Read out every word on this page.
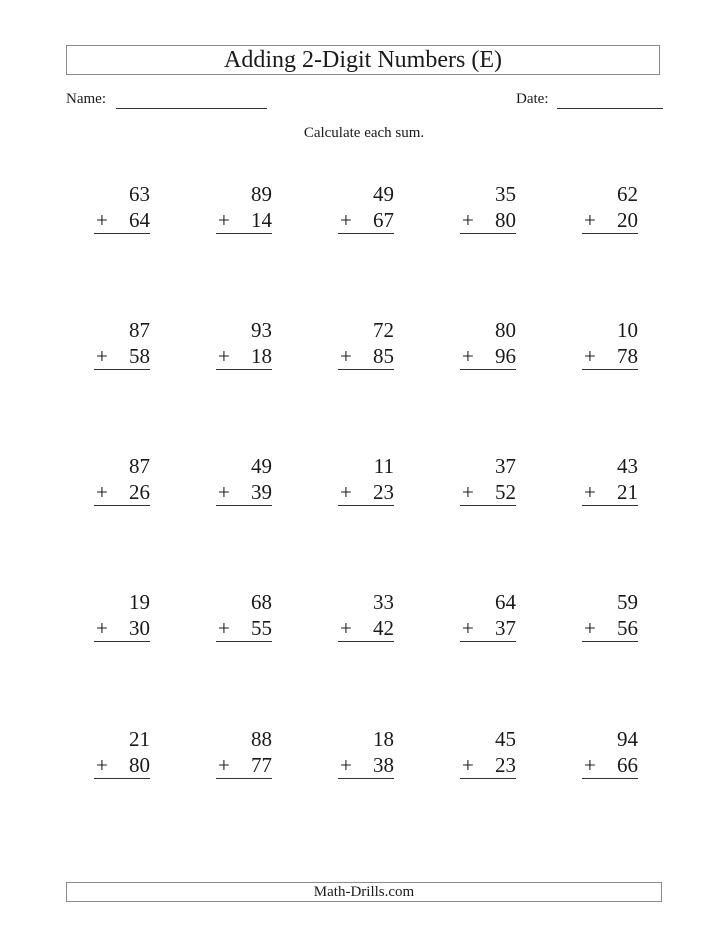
Adding 2-Digit Numbers (E)
Name:	Date:
Calculate each sum.
63
+ 64
89
+ 14
49
+ 67
35
+ 80
62
+ 20
87
+ 58
93
+ 18
72
+ 85
80
+ 96
10
+ 78
87
+ 26
49
+ 39
11
+ 23
37
+ 52
43
+ 21
19
+ 30
68
+ 55
33
+ 42
64
+ 37
59
+ 56
21
+ 80
88
+ 77
18
+ 38
45
+ 23
94
+ 66
Math-Drills.com
